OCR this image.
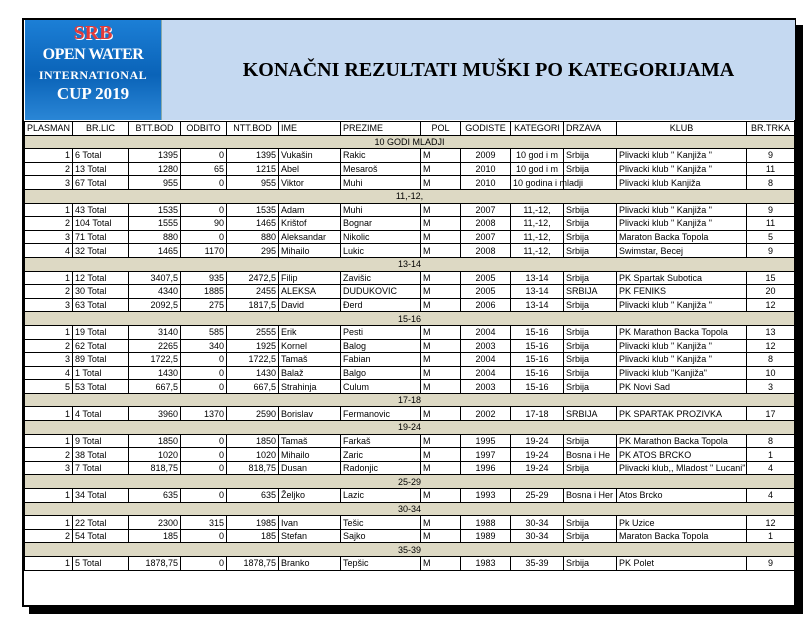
SRB
OPEN WATER
INTERNATIONAL
CUP 2019
KONAČNI REZULTATI MUŠKI PO KATEGORIJAMA
PLASMAN	BR.LIC	BTT.BOD	ODBITO	NTT.BOD	IME	PREZIME	POL	GODISTE	KATEGORI	DRZAVA	KLUB	BR.TRKA
10 GODI MLADJI												
1	6 Total	1395	0	1395	Vukašin	Rakic	M	2009	10 god i m	Srbija	Plivacki klub " Kanjiža "	9
2	13 Total	1280	65	1215	Abel	Mesaroš	M	2010	10 god i m	Srbija	Plivacki klub " Kanjiža "	11
3	67 Total	955	0	955	Viktor	Muhi	M	2010	10 godina i mladji		Plivacki klub Kanjiža	8
11,-12,												
1	43 Total	1535	0	1535	Adam	Muhi	M	2007	11,-12,	Srbija	Plivacki klub " Kanjiža "	9
2	104 Total	1555	90	1465	Krištof	Bognar	M	2008	11,-12,	Srbija	Plivacki klub " Kanjiža "	11
3	71 Total	880	0	880	Aleksandar	Nikolic	M	2007	11,-12,	Srbija	Maraton Backa Topola	5
4	32 Total	1465	1170	295	Mihailo	Lukic	M	2008	11,-12,	Srbija	Swimstar, Becej	9
13-14												
1	12 Total	3407,5	935	2472,5	Filip	Zavišic	M	2005	13-14	Srbija	PK Spartak Subotica	15
2	30 Total	4340	1885	2455	ALEKSA	DUDUKOVIC	M	2005	13-14	SRBIJA	PK FENIKS	20
3	63 Total	2092,5	275	1817,5	David	Đerd	M	2006	13-14	Srbija	Plivacki klub " Kanjiža "	12
15-16												
1	19 Total	3140	585	2555	Erik	Pesti	M	2004	15-16	Srbija	PK Marathon Backa Topola	13
2	62 Total	2265	340	1925	Kornel	Balog	M	2003	15-16	Srbija	Plivacki klub " Kanjiža "	12
3	89 Total	1722,5	0	1722,5	Tamaš	Fabian	M	2004	15-16	Srbija	Plivacki klub " Kanjiža "	8
4	1 Total	1430	0	1430	Balaž	Balgo	M	2004	15-16	Srbija	Plivacki klub "Kanjiža"	10
5	53 Total	667,5	0	667,5	Strahinja	Culum	M	2003	15-16	Srbija	PK Novi Sad	3
17-18												
1	4 Total	3960	1370	2590	Borislav	Fermanovic	M	2002	17-18	SRBIJA	PK SPARTAK PROZIVKA	17
19-24												
1	9 Total	1850	0	1850	Tamaš	Farkaš	M	1995	19-24	Srbija	PK Marathon Backa Topola	8
2	38 Total	1020	0	1020	Mihailo	Zaric	M	1997	19-24	Bosna i He	PK ATOS BRCKO	1
3	7 Total	818,75	0	818,75	Dusan	Radonjic	M	1996	19-24	Srbija	Plivacki klub,, Mladost " Lucani"	4
25-29												
1	34 Total	635	0	635	Željko	Lazic	M	1993	25-29	Bosna i Her	Atos Brcko	4
30-34												
1	22 Total	2300	315	1985	Ivan	Tešic	M	1988	30-34	Srbija	Pk Uzice	12
2	54 Total	185	0	185	Stefan	Sajko	M	1989	30-34	Srbija	Maraton Backa Topola	1
35-39												
1	5 Total	1878,75	0	1878,75	Branko	Tepšic	M	1983	35-39	Srbija	PK Polet	9
